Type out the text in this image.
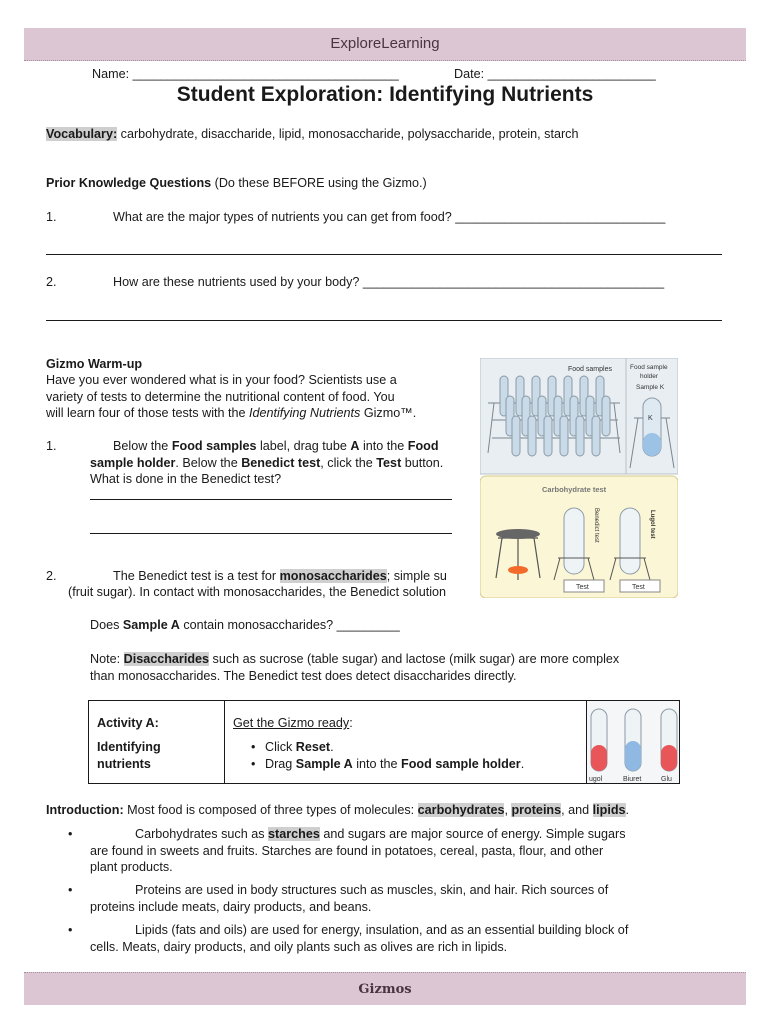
ExploreLearning
Name: ______________________________________	Date: ________________________
Student Exploration: Identifying Nutrients
Vocabulary: carbohydrate, disaccharide, lipid, monosaccharide, polysaccharide, protein, starch
Prior Knowledge Questions (Do these BEFORE using the Gizmo.)
1.	What are the major types of nutrients you can get from food? ______________________________
2.	How are these nutrients used by your body? ___________________________________________
Gizmo Warm-up
Have you ever wondered what is in your food? Scientists use a
variety of tests to determine the nutritional content of food. You
will learn four of those tests with the Identifying Nutrients Gizmo™.
1.	Below the Food samples label, drag tube A into the Food sample holder. Below the Benedict test, click the Test button. What is done in the Benedict test?
2.	The Benedict test is a test for monosaccharides; simple su
(fruit sugar). In contact with monosaccharides, the Benedict solution
Does Sample A contain monosaccharides? _________
Note: Disaccharides such as sucrose (table sugar) and lactose (milk sugar) are more complex
than monosaccharides. The Benedict test does detect disaccharides directly.
Food samples	Food sample
holder
Sample K
K
Carbohydrate test
Benedict test	Lugol test
Test	Test
Activity A:
Identifying
nutrients
Get the Gizmo ready:
• Click Reset.
• Drag Sample A into the Food sample holder.
ugol	Biuret	Glu
Introduction: Most food is composed of three types of molecules: carbohydrates, proteins, and lipids.
•	Carbohydrates such as starches and sugars are major source of energy. Simple sugars
are found in sweets and fruits. Starches are found in potatoes, cereal, pasta, flour, and other
plant products.
•	Proteins are used in body structures such as muscles, skin, and hair. Rich sources of
proteins include meats, dairy products, and beans.
•	Lipids (fats and oils) are used for energy, insulation, and as an essential building block of
cells. Meats, dairy products, and oily plants such as olives are rich in lipids.
Gizmos
